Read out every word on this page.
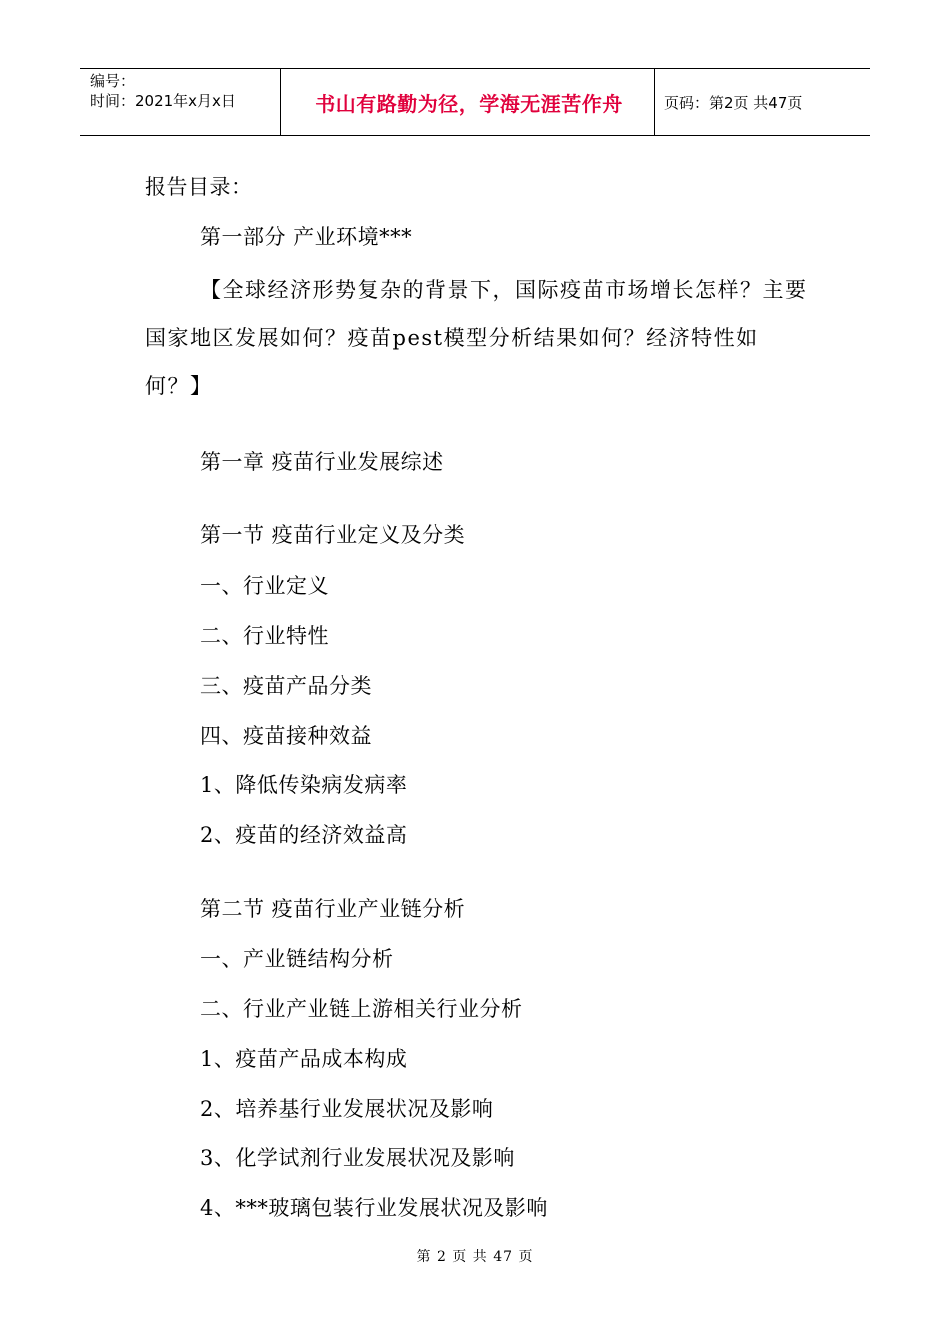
编号：
时间：2021年x月x日	书山有路勤为径，学海无涯苦作舟	页码：第2页 共47页
报告目录：
第一部分 产业环境***
【全球经济形势复杂的背景下，国际疫苗市场增长怎样？主要国家地区发展如何？疫苗pest模型分析结果如何？经济特性如何？】
第一章 疫苗行业发展综述
第一节 疫苗行业定义及分类
一、行业定义
二、行业特性
三、疫苗产品分类
四、疫苗接种效益
1、降低传染病发病率
2、疫苗的经济效益高
第二节 疫苗行业产业链分析
一、产业链结构分析
二、行业产业链上游相关行业分析
1、疫苗产品成本构成
2、培养基行业发展状况及影响
3、化学试剂行业发展状况及影响
4、***玻璃包装行业发展状况及影响
第 2 页 共 47 页
